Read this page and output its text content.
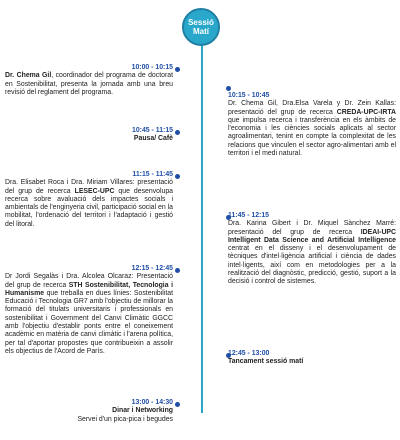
Sessió
Matí
10:00 - 10:15
Dr. Chema Gil, coordinador del programa de doctorat en Sostenibilitat, presenta la jornada amb una breu revisió del reglament del programa.	10:15 - 10:45
Dr. Chema Gil, Dra.Elsa Varela y Dr. Zein Kallas: presentació del grup de recerca CREDA-UPC-IRTA que impulsa recerca i transferència en els àmbits de l'economia i les ciències socials aplicats al sector agroalimentari, tenint en compte la complexitat de les relacions que vinculen el sector agro-alimentari amb el territori i el medi natural.
10:45 - 11:15
Pausa/ Cafè
11:15 - 11:45
Dra. Elisabet Roca i Dra. Miriam Villares: presentació del grup de recerca LESEC-UPC que desenvolupa recerca sobre avaluació dels impactes socials i ambientals de l'enginyeria civil, participació social en la mobilitat, l'ordenació del territori i l'adaptació i gestió del litoral.
11:45 - 12:15
Dra. Karina Gibert i Dr. Miquel Sànchez Marré: presentació del grup de recerca IDEAI-UPC Intelligent Data Science and Artificial Intelligence centrat en el disseny i el desenvolupament de tècniques d'intel·ligència artificial i ciència de dades intel·ligents, així com en metodologies per a la realització del diagnòstic, predicció, gestió, suport a la decisió i control de sistemes.
12:15 - 12:45
Dr Jordi Segalàs i Dra. Alcolea Olcaraz: Presentació del grup de recerca STH Sostenibilitat, Tecnologia i Humanisme que treballa en dues línies: Sostenibilitat Educació i Tecnologia GR7 amb l'objectiu de millorar la formació del titulats universitaris i professionals en sostenibilitat i Government del Canvi Climàtic GGCC amb l'objectiu d'establir ponts entre el coneixement acadèmic en matèria de canvi climàtic i l'arena política, per tal d'aportar propostes que contribueixin a assolir els objectius de l'Acord de París.	12:45 - 13:00
Tancament sessió matí
13:00 - 14:30
Dinar i Networking
Servei d'un pica-pica i begudes
